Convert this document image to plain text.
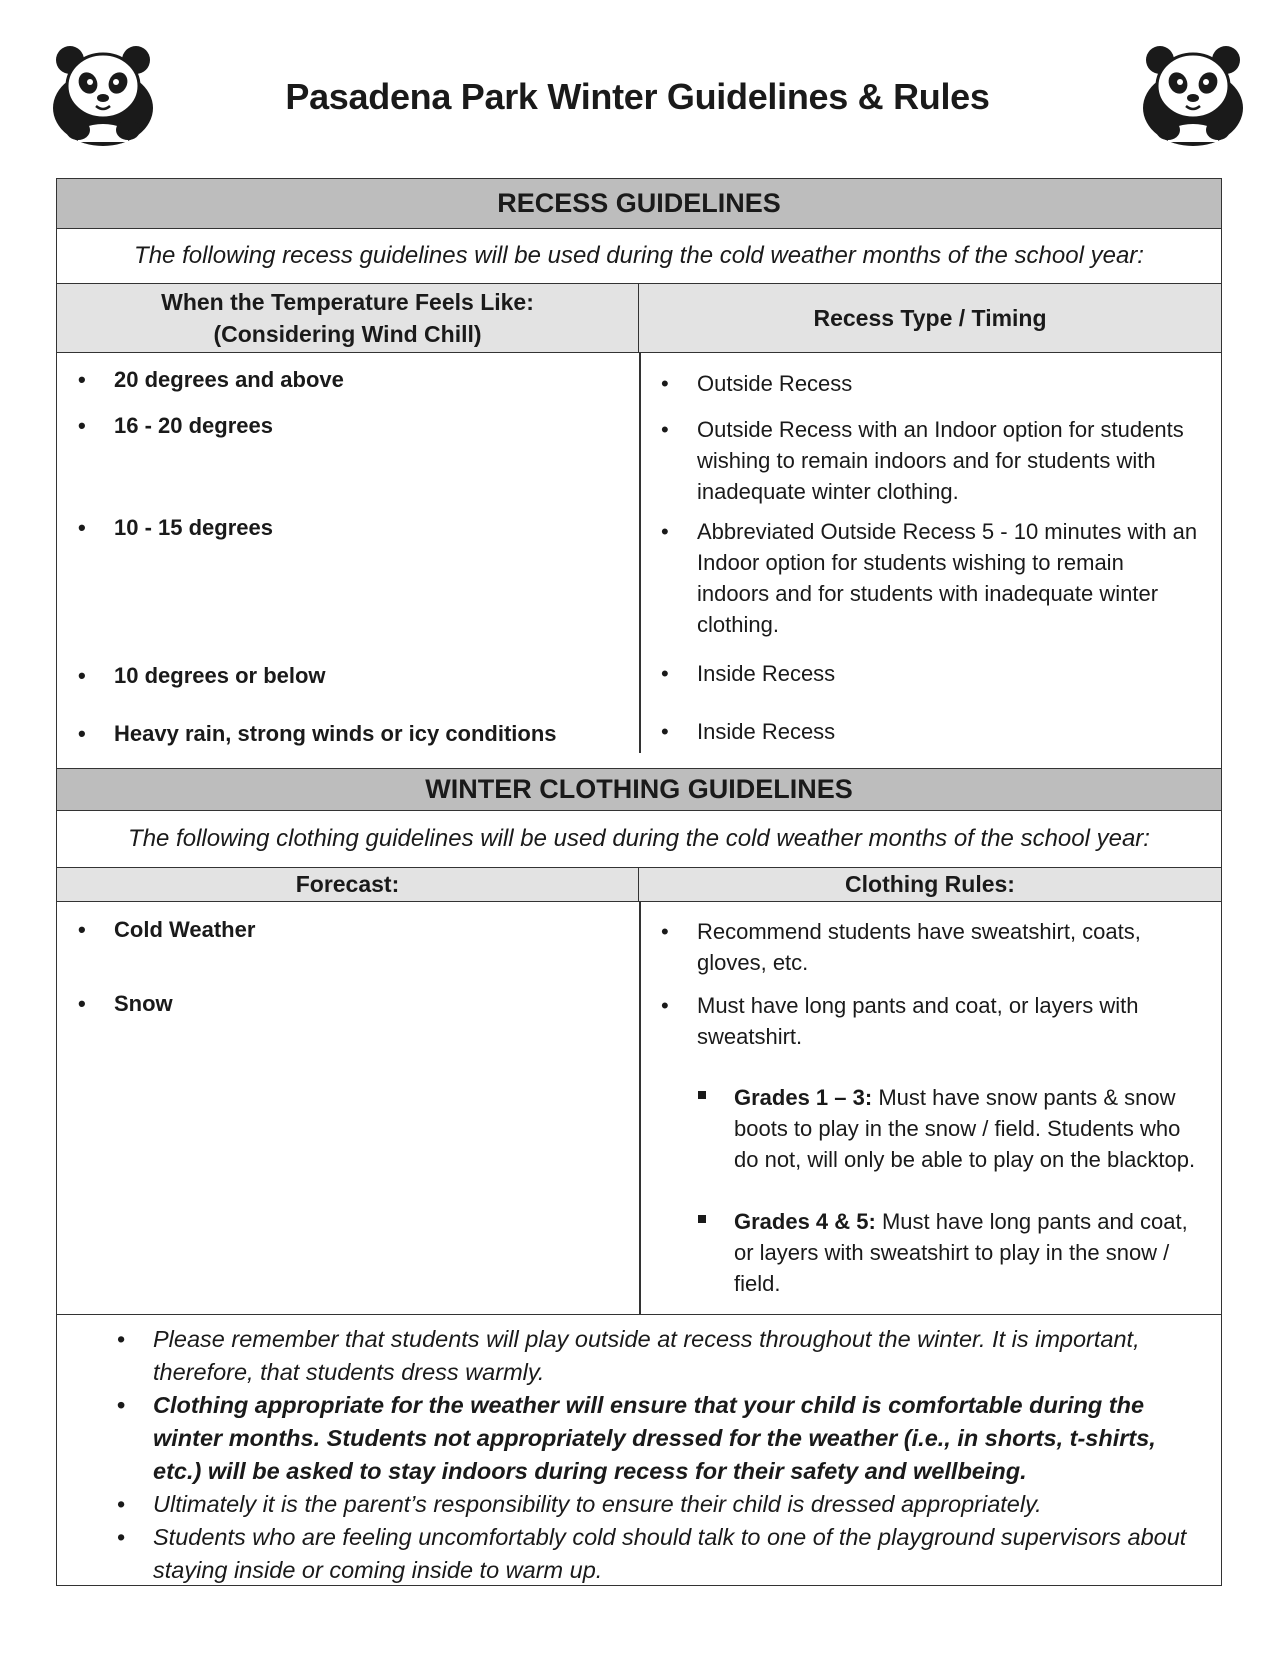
Pasadena Park Winter Guidelines & Rules
RECESS GUIDELINES
The following recess guidelines will be used during the cold weather months of the school year:
When the Temperature Feels Like:
(Considering Wind Chill)
Recess Type / Timing
• 20 degrees and above	• Outside Recess
• 16 - 20 degrees	• Outside Recess with an Indoor option for students wishing to remain indoors and for students with inadequate winter clothing.
• 10 - 15 degrees	• Abbreviated Outside Recess 5 - 10 minutes with an Indoor option for students wishing to remain indoors and for students with inadequate winter clothing.
• 10 degrees or below	• Inside Recess
• Heavy rain, strong winds or icy conditions	• Inside Recess
WINTER CLOTHING GUIDELINES
The following clothing guidelines will be used during the cold weather months of the school year:
Forecast:	Clothing Rules:
• Cold Weather	• Recommend students have sweatshirt, coats, gloves, etc.
• Snow	• Must have long pants and coat, or layers with sweatshirt.
Grades 1 – 3: Must have snow pants & snow boots to play in the snow / field. Students who do not, will only be able to play on the blacktop.
Grades 4 & 5: Must have long pants and coat, or layers with sweatshirt to play in the snow / field.
• Please remember that students will play outside at recess throughout the winter. It is important, therefore, that students dress warmly.
• Clothing appropriate for the weather will ensure that your child is comfortable during the winter months. Students not appropriately dressed for the weather (i.e., in shorts, t-shirts, etc.) will be asked to stay indoors during recess for their safety and wellbeing.
• Ultimately it is the parent’s responsibility to ensure their child is dressed appropriately.
• Students who are feeling uncomfortably cold should talk to one of the playground supervisors about staying inside or coming inside to warm up.
